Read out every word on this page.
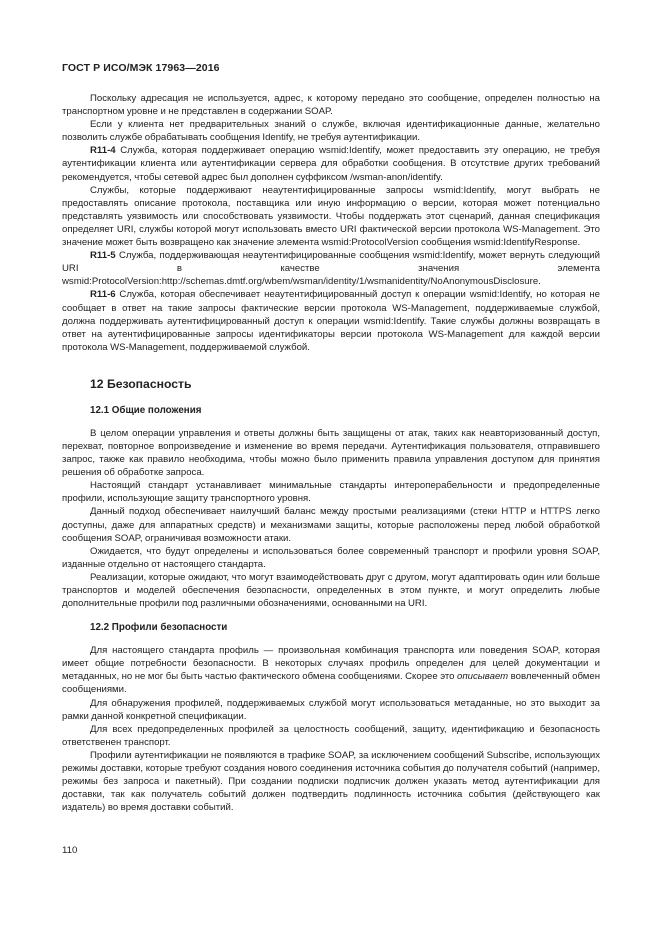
ГОСТ Р ИСО/МЭК 17963—2016

Поскольку адресация не используется, адрес, к которому передано это сообщение, определен полностью на транспортном уровне и не представлен в содержании SOAP.

Если у клиента нет предварительных знаний о службе, включая идентификационные данные, желательно позволить службе обрабатывать сообщения Identify, не требуя аутентификации.

R11-4 Служба, которая поддерживает операцию wsmid:Identify, может предоставить эту операцию, не требуя аутентификации клиента или аутентификации сервера для обработки сообщения. В отсутствие других требований рекомендуется, чтобы сетевой адрес был дополнен суффиксом /wsman-anon/identify.

Службы, которые поддерживают неаутентифицированные запросы wsmid:Identify, могут выбрать не предоставлять описание протокола, поставщика или иную информацию о версии, которая может потенциально представлять уязвимость или способствовать уязвимости. Чтобы поддержать этот сценарий, данная спецификация определяет URI, службы которой могут использовать вместо URI фактической версии протокола WS-Management. Это значение может быть возвращено как значение элемента wsmid:ProtocolVersion сообщения wsmid:IdentifyResponse.

R11-5 Служба, поддерживающая неаутентифицированные сообщения wsmid:Identify, может вернуть следующий URI в качестве значения элемента wsmid:ProtocolVersion:http://schemas.dmtf.org/wbem/wsman/identity/1/wsmanidentity/NoAnonymousDisclosure.

R11-6 Служба, которая обеспечивает неаутентифицированный доступ к операции wsmid:Identify, но которая не сообщает в ответ на такие запросы фактические версии протокола WS-Management, поддерживаемые службой, должна поддерживать аутентифицированный доступ к операции wsmid:Identify. Такие службы должны возвращать в ответ на аутентифицированные запросы идентификаторы версии протокола WS-Management для каждой версии протокола WS-Management, поддерживаемой службой.

12 Безопасность
12.1 Общие положения

В целом операции управления и ответы должны быть защищены от атак, таких как неавторизованный доступ, перехват, повторное вопроизведение и изменение во время передачи. Аутентификация пользователя, отправившего запрос, также как правило необходима, чтобы можно было применить правила управления доступом для принятия решения об обработке запроса.

Настоящий стандарт устанавливает минимальные стандарты интероперабельности и предопределенные профили, использующие защиту транспортного уровня.

Данный подход обеспечивает наилучший баланс между простыми реализациями (стеки HTTP и HTTPS легко доступны, даже для аппаратных средств) и механизмами защиты, которые расположены перед любой обработкой сообщения SOAP, ограничивая возможности атаки.

Ожидается, что будут определены и использоваться более современный транспорт и профили уровня SOAP, изданные отдельно от настоящего стандарта.

Реализации, которые ожидают, что могут взаимодействовать друг с другом, могут адаптировать один или больше транспортов и моделей обеспечения безопасности, определенных в этом пункте, и могут определить любые дополнительные профили под различными обозначениями, основанными на URI.

12.2 Профили безопасности

Для настоящего стандарта профиль — произвольная комбинация транспорта или поведения SOAP, которая имеет общие потребности безопасности. В некоторых случаях профиль определен для целей документации и метаданных, но не мог бы быть частью фактического обмена сообщениями. Скорее это описывает вовлеченный обмен сообщениями.

Для обнаружения профилей, поддерживаемых службой могут использоваться метаданные, но это выходит за рамки данной конкретной спецификации.

Для всех предопределенных профилей за целостность сообщений, защиту, идентификацию и безопасность ответственен транспорт.

Профили аутентификации не появляются в трафике SOAP, за исключением сообщений Subscribe, использующих режимы доставки, которые требуют создания нового соединения источника события до получателя событий (например, режимы без запроса и пакетный). При создании подписки подписчик должен указать метод аутентификации для доставки, так как получатель событий должен подтвердить подлинность источника события (действующего как издатель) во время доставки событий.

110
